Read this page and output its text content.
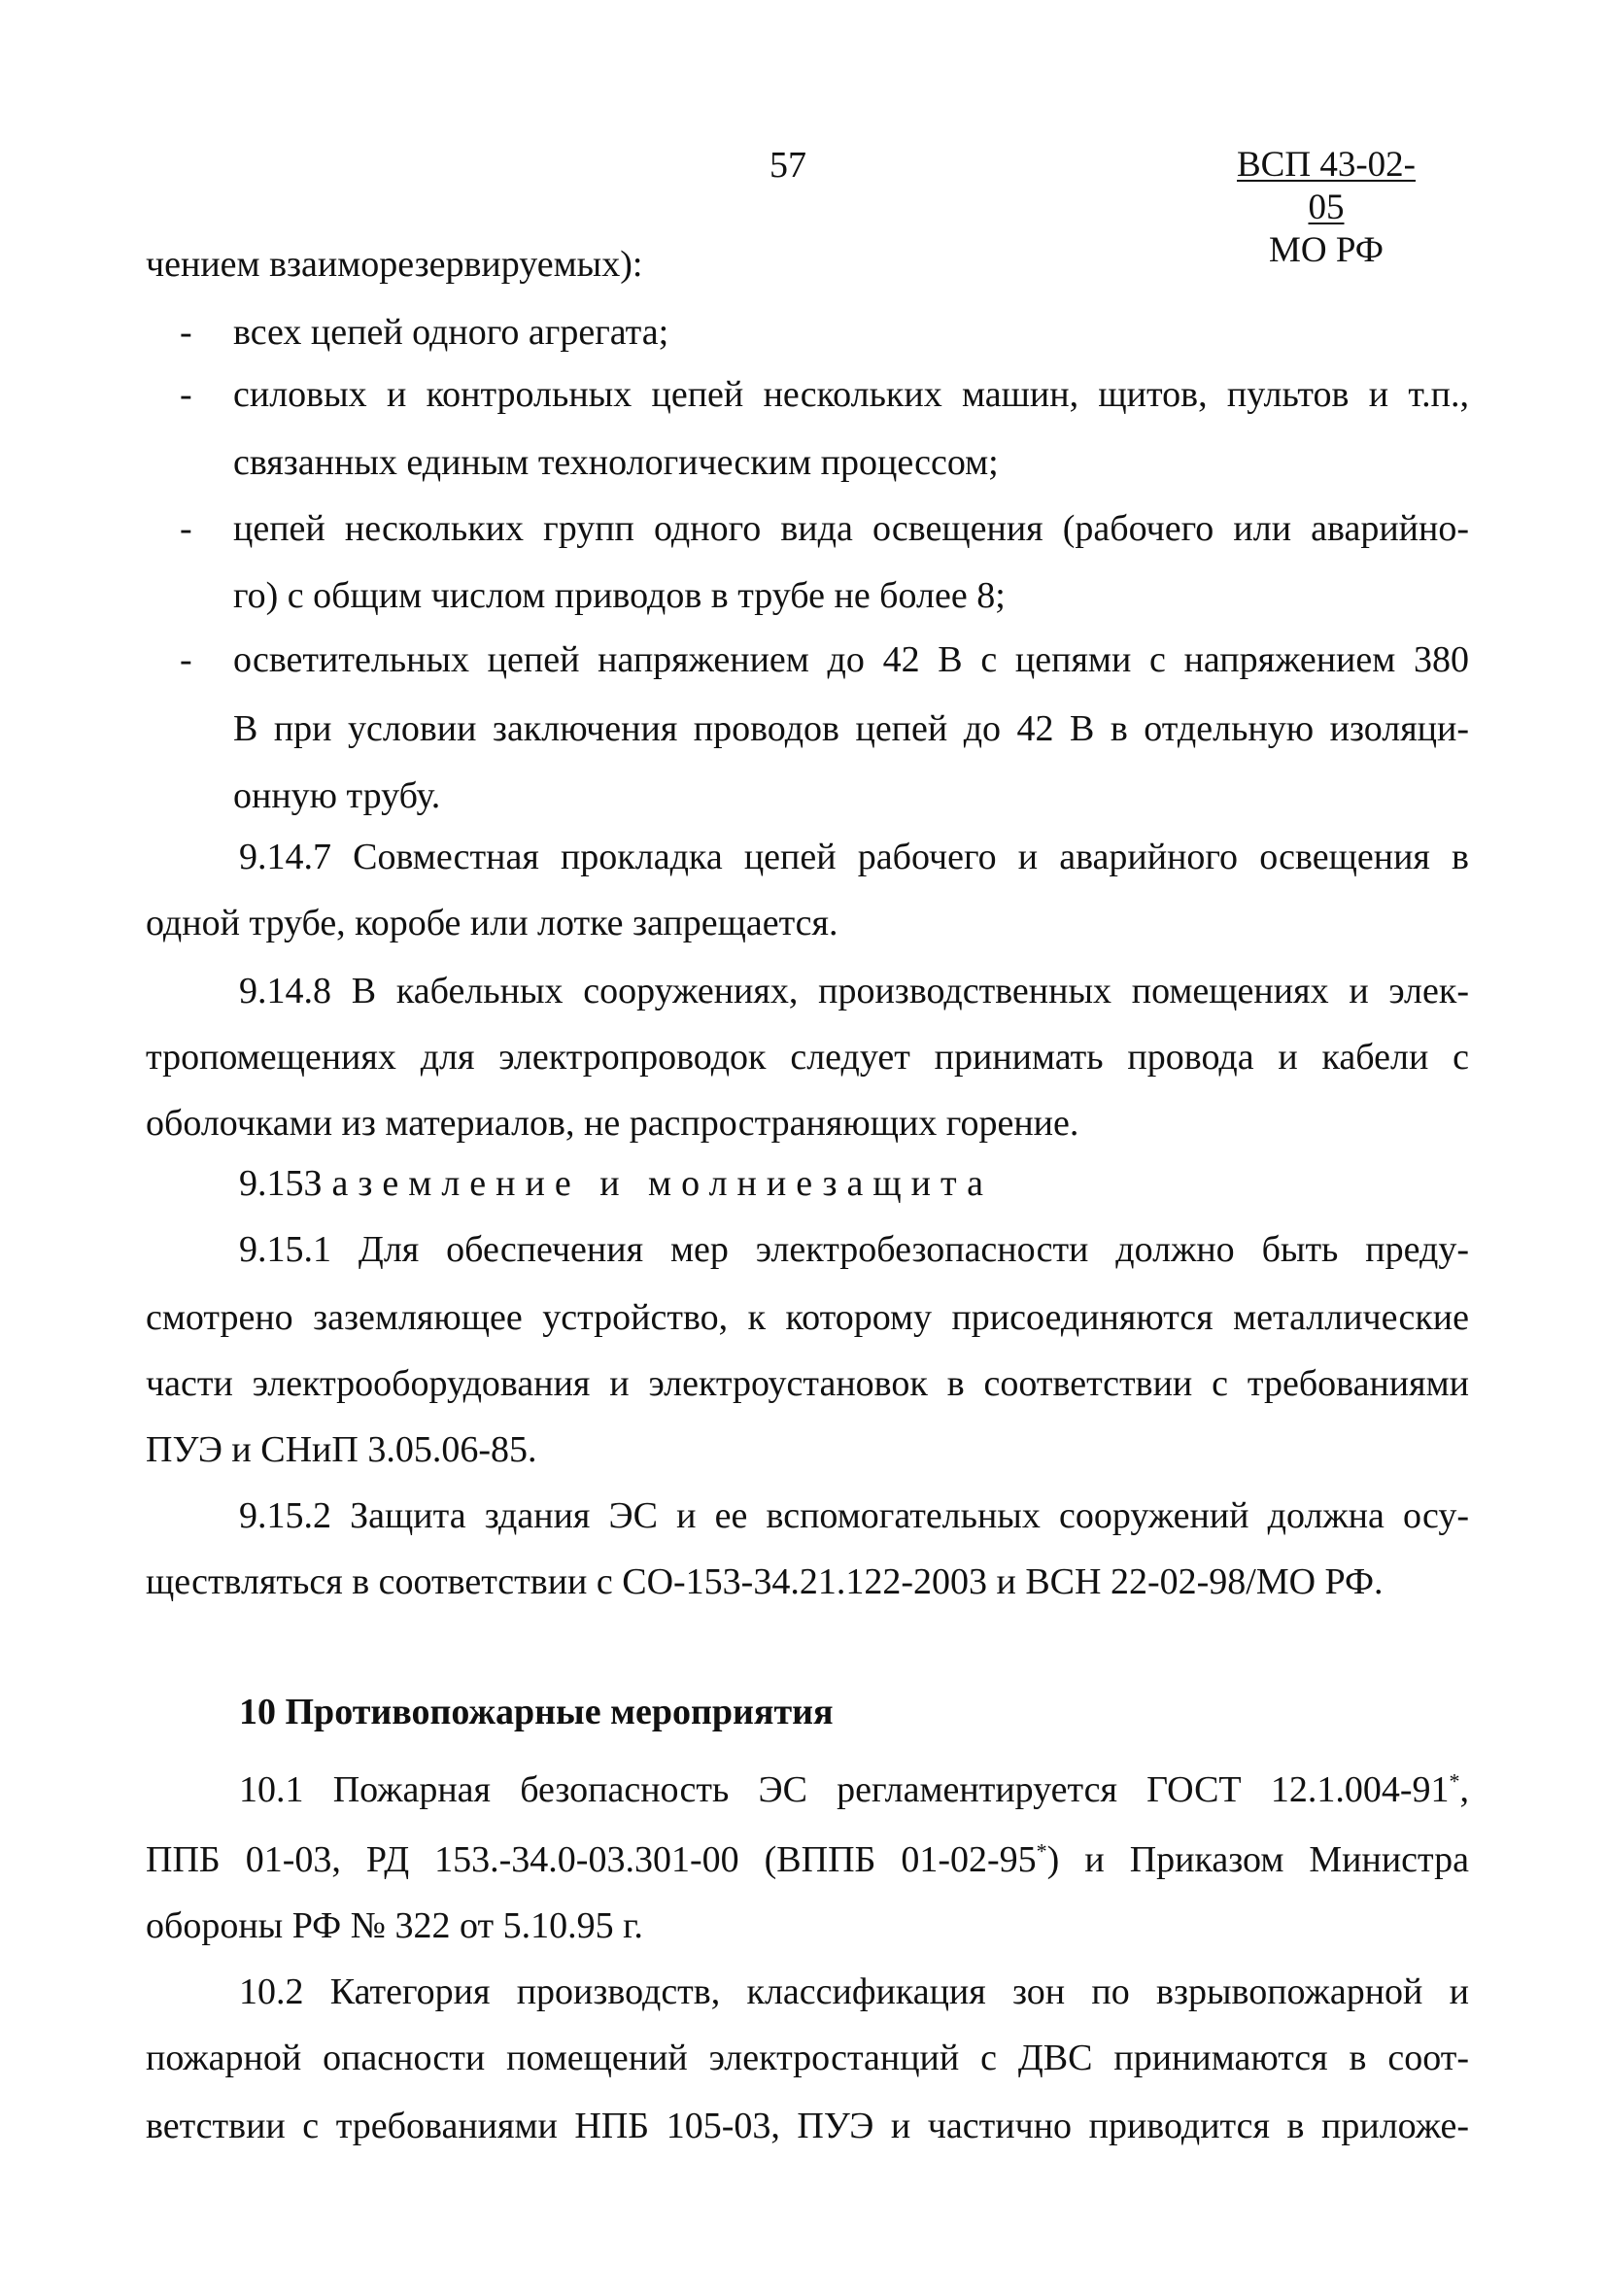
57	ВСП 43-02-05
МО РФ
чением взаиморезервируемых):
- всех цепей одного агрегата;
- силовых и контрольных цепей нескольких машин, щитов, пультов и т.п.,
связанных единым технологическим процессом;
- цепей нескольких групп одного вида освещения (рабочего или аварийно-
го) с общим числом приводов в трубе не более 8;
- осветительных цепей напряжением до 42 В с цепями с напряжением 380
В при условии заключения проводов цепей до 42 В в отдельную изоляци-
онную трубу.
9.14.7 Совместная прокладка цепей рабочего и аварийного освещения в
одной трубе, коробе или лотке запрещается.
9.14.8 В кабельных сооружениях, производственных помещениях и элек-
тропомещениях для электропроводок следует принимать провода и кабели с
оболочками из материалов, не распространяющих горение.
9.15Заземление и молниезащита
9.15.1 Для обеспечения мер электробезопасности должно быть преду-
смотрено заземляющее устройство, к которому присоединяются металлические
части электрооборудования и электроустановок в соответствии с требованиями
ПУЭ и СНиП 3.05.06-85.
9.15.2 Защита здания ЭС и ее вспомогательных сооружений должна осу-
ществляться в соответствии с СО-153-34.21.122-2003 и ВСН 22-02-98/МО РФ.
10 Противопожарные мероприятия
10.1 Пожарная безопасность ЭС регламентируется ГОСТ 12.1.004-91*,
ППБ 01-03, РД 153.-34.0-03.301-00 (ВППБ 01-02-95*) и Приказом Министра
обороны РФ № 322 от 5.10.95 г.
10.2 Категория производств, классификация зон по взрывопожарной и
пожарной опасности помещений электростанций с ДВС принимаются в соот-
ветствии с требованиями НПБ 105-03, ПУЭ и частично приводится в приложе-
